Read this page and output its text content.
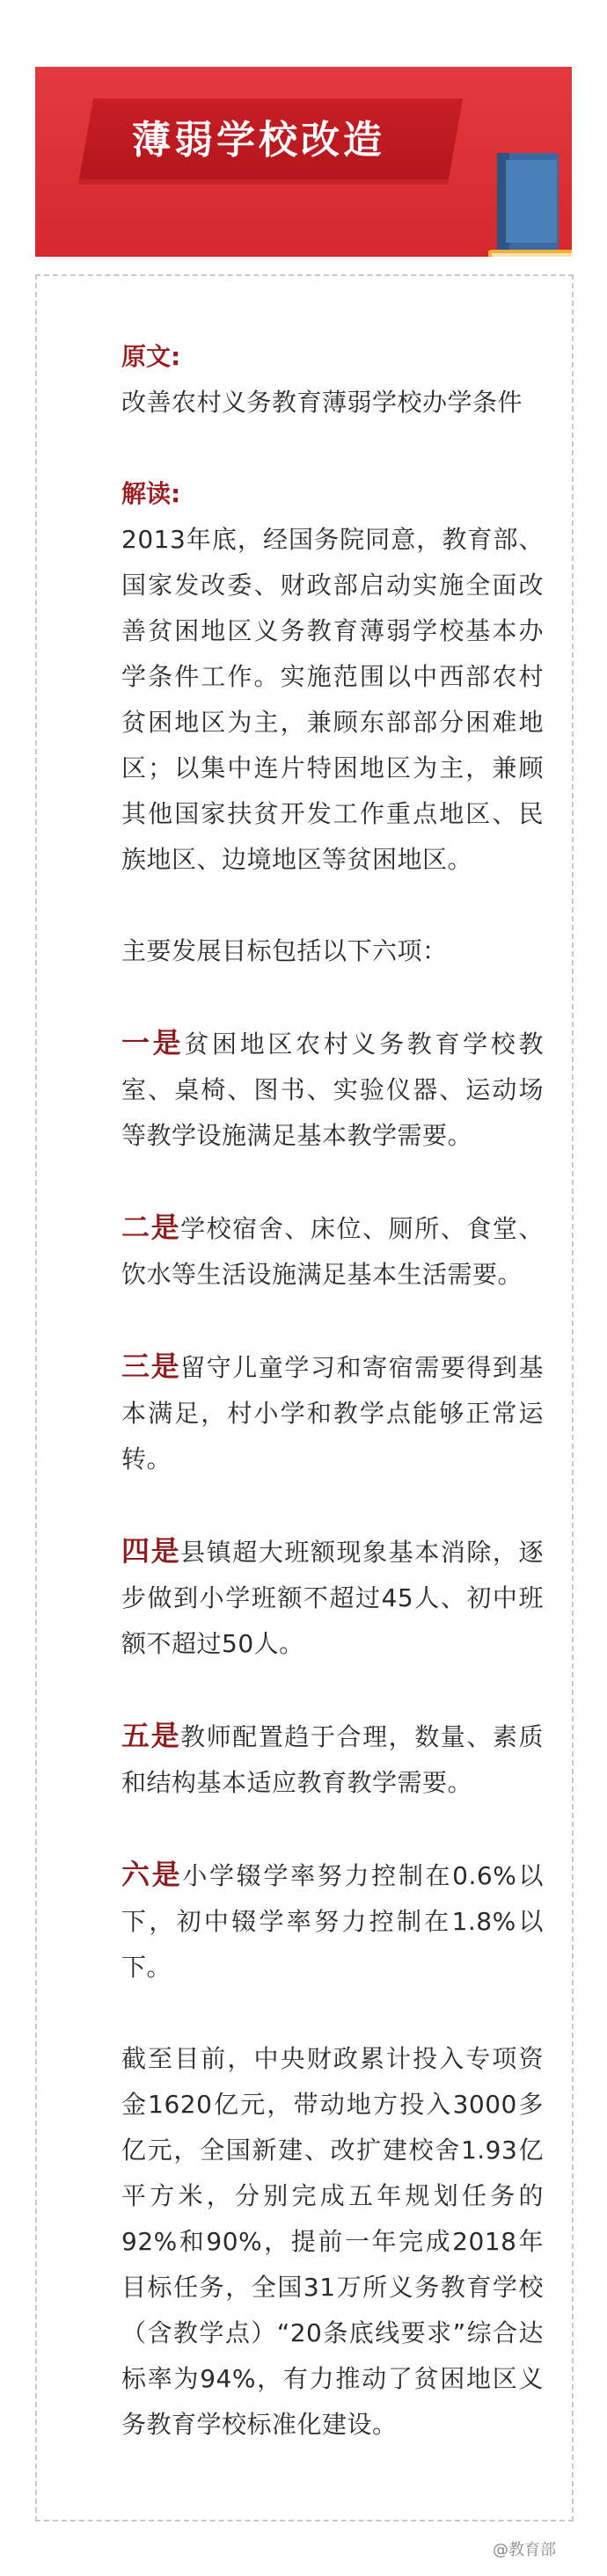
薄弱学校改造

原文:

改善农村义务教育薄弱学校办学条件

解读:

2013年底，经国务院同意，教育部、国家发改委、财政部启动实施全面改善贫困地区义务教育薄弱学校基本办学条件工作。实施范围以中西部农村贫困地区为主，兼顾东部部分困难地区；以集中连片特困地区为主，兼顾其他国家扶贫开发工作重点地区、民族地区、边境地区等贫困地区。

主要发展目标包括以下六项：

一是贫困地区农村义务教育学校教室、桌椅、图书、实验仪器、运动场等教学设施满足基本教学需要。

二是学校宿舍、床位、厕所、食堂、饮水等生活设施满足基本生活需要。

三是留守儿童学习和寄宿需要得到基本满足，村小学和教学点能够正常运转。

四是县镇超大班额现象基本消除，逐步做到小学班额不超过45人、初中班额不超过50人。

五是教师配置趋于合理，数量、素质和结构基本适应教育教学需要。

六是小学辍学率努力控制在0.6%以下，初中辍学率努力控制在1.8%以下。

截至目前，中央财政累计投入专项资金1620亿元，带动地方投入3000多亿元，全国新建、改扩建校舍1.93亿平方米，分别完成五年规划任务的92%和90%，提前一年完成2018年目标任务，全国31万所义务教育学校（含教学点）“20条底线要求”综合达标率为94%，有力推动了贫困地区义务教育学校标准化建设。

@教育部
